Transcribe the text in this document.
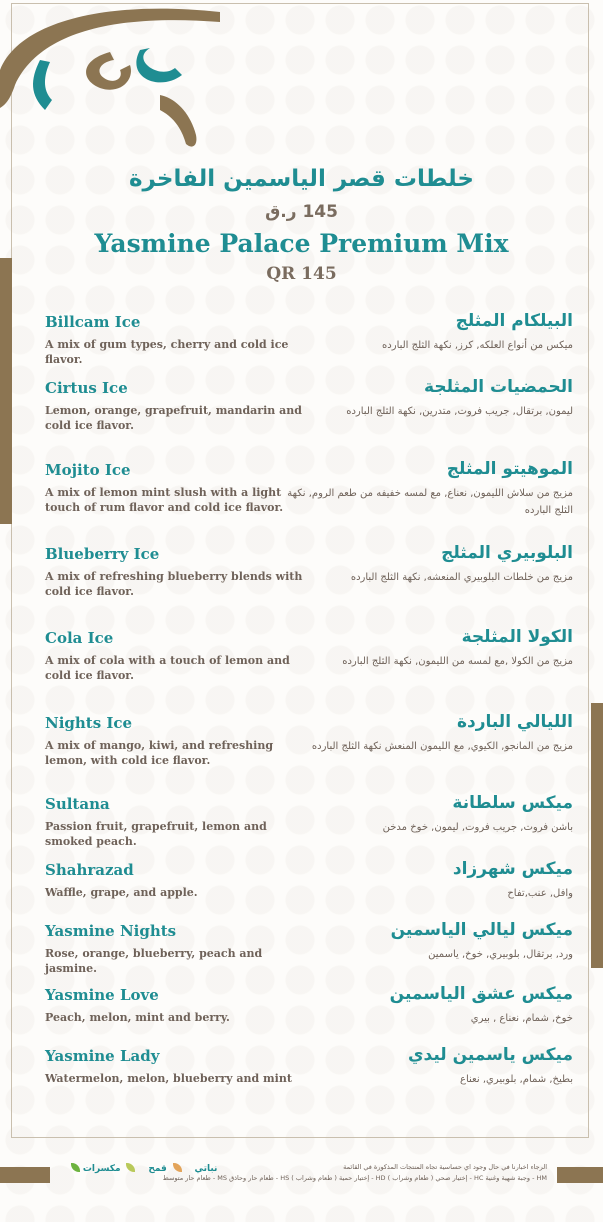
خلطات قصر الياسمين الفاخرة
145 ر.ق
Yasmine Palace Premium Mix
QR 145
Billcam Ice
A mix of gum types, cherry and cold ice flavor.
البيلكام المثلج
ميكس من أنواع العلكه, كرز, نكهة الثلج البارده
Cirtus Ice
Lemon, orange, grapefruit, mandarin and cold ice flavor.
الحمضيات المثلجة
ليمون, برتقال, جريب فروت, متدرين, نكهة الثلج البارده
Mojito Ice
A mix of lemon mint slush with a light touch of rum flavor and cold ice flavor.
الموهيتو المثلج
مزيج من سلاش الليمون, نعناع, مع لمسه خفيفه من طعم الروم, نكهة الثلج البارده
Blueberry Ice
A mix of refreshing blueberry blends with cold ice flavor.
البلوبيري المثلج
مزيج من خلطات البلوبيري المنعشه, نكهة الثلج البارده
Cola Ice
A mix of cola with a touch of lemon and cold ice flavor.
الكولا المثلجة
مزيج من الكولا ,مع لمسه من الليمون, نكهة الثلج البارده
Nights Ice
A mix of mango, kiwi, and refreshing lemon, with cold ice flavor.
الليالي الباردة
مزيج من المانجو, الكيوي, مع الليمون المنعش نكهة الثلج البارده
Sultana
Passion fruit, grapefruit, lemon and smoked peach.
ميكس سلطانة
باشن فروت, جريب فروت, ليمون, خوخ مدخن
Shahrazad
Waffle, grape, and apple.
ميكس شهرزاد
وافل, عنب,تفاح
Yasmine Nights
Rose, orange, blueberry, peach and jasmine.
ميكس ليالي الياسمين
ورد, برتقال, بلوبيري, خوخ, ياسمين
Yasmine Love
Peach, melon, mint and berry.
ميكس عشق الياسمين
خوخ, شمام, نعناع , بيري
Yasmine Lady
Watermelon, melon, blueberry and mint
ميكس ياسمين ليدي
بطيخ, شمام, بلوبيري, نعناع
نباتي  قمح  مكسرات	الرجاء اخبارنا في حال وجود اي حساسية تجاه المنتجات المذكورة في القائمة
HM - وجبة شهية وغنية HC - إختيار صحي ( طعام وشراب ) HD - إختيار حمية ( طعام وشراب ) HS - طعام حار وحاذق MS - طعام حار متوسط
